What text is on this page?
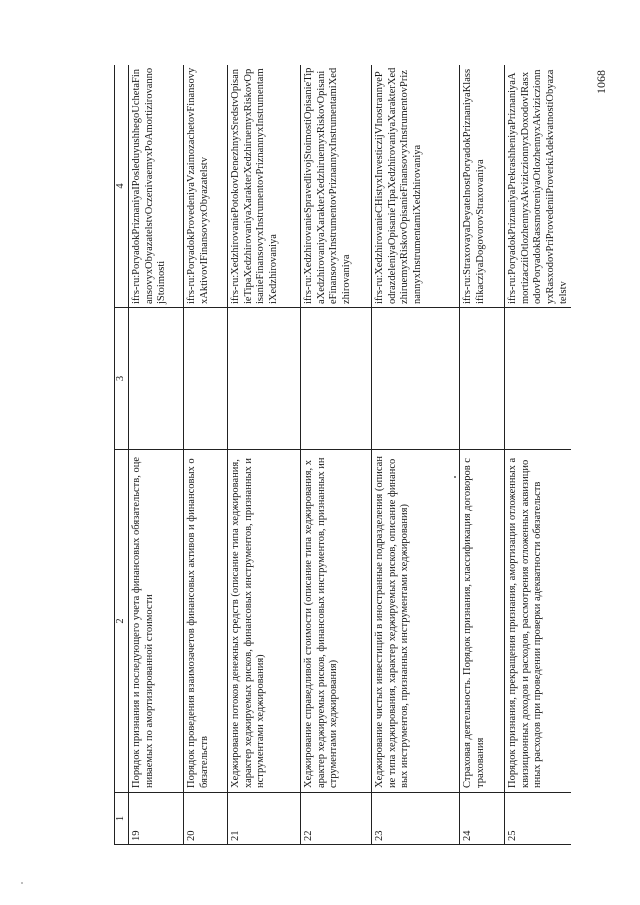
1068
1	2	3	4
19	Порядок признания и последующего учета финансовых обязательств, оцениваемых по амортизированной стоимости		ifrs-ru:PoryadokPriznaniyaIPosleduyushhegoUchetaFinansovyxObyazatelstvOczenivaemyxPoAmortizirovannojStoimosti
20	Порядок проведения взаимозачетов финансовых активов и финансовых обязательств		ifrs-ru:PoryadokProvedeniyaVzaimozachetovFinansovyxAktivovIFinansovyxObyazatelstv
21	Хеджирование потоков денежных средств (описание типа хеджирования, характер хеджируемых рисков, финансовых инструментов, признанных инструментами хеджирования)		ifrs-ru:XedzhirovaniePotokovDenezhnyxSredstvOpisanieTipaXedzhirovaniyaXarakterXedzhiruemyxRiskovOpisanieFinansovyxInstrumentovPriznannyxInstrumentamiXedzhirovaniya
22	Хеджирование справедливой стоимости (описание типа хеджирования, характер хеджируемых рисков, финансовых инструментов, признанных инструментами хеджирования)		ifrs-ru:XedzhirovanieSpravedlivojStoimostiOpisanieTipaXedzhirovaniyaXarakterXedzhiruemyxRiskovOpisanieFinansovyxInstrumentovPriznannyxInstrumentamiXedzhirovaniya
23	Хеджирование чистых инвестиций в иностранные подразделения (описание типа хеджирования, характер хеджируемых рисков, описание финансовых инструментов, признанных инструментами хеджирования)		ifrs-ru:XedzhirovanieCHistyxInvesticzijVInostrannyePodrazdeleniyaOpisanieTipaXedzhirovaniyaXarakterXedzhiruemyxRiskovOpisanieFinansovyxInstrumentovPriznannyxInstrumentamiXedzhirovaniya
24	Страховая деятельность. Порядок признания, классификация договоров страхования		ifrs-ru:StraxovayaDeyatelnostPoryadokPriznaniyaKlassifikacziyaDogovorovStraxovaniya
25	Порядок признания, прекращения признания, амортизации отложенных аквизиционных доходов и расходов, рассмотрения отложенных аквизиционных расходов при проведении проверки адекватности обязательств		ifrs-ru:PoryadokPriznaniyaPrekrashheniyaPriznaniyaAmortizacziiOtlozhennyxAkviziczionnyxDoxodovIRasxodovPoryadokRassmotreniyaOtlozhennyxAkviziczionnyxRasxodovPriProvedeniiProverkiAdekvatnostiObyazatelstv
